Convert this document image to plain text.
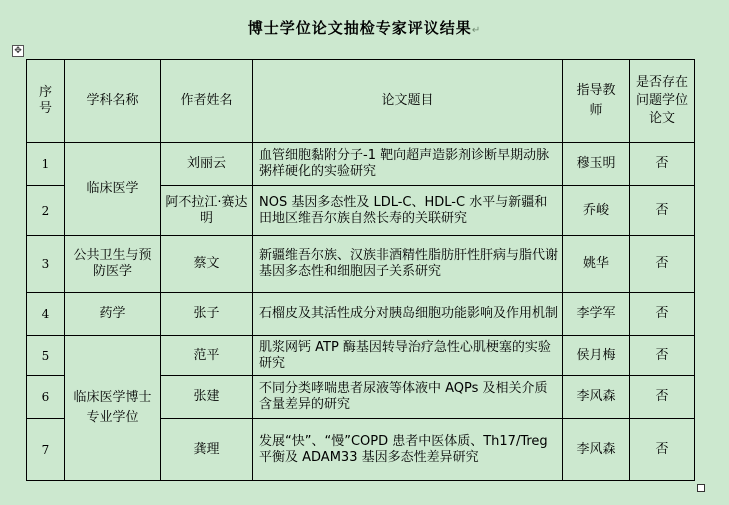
博士学位论文抽检专家评议结果↵
✥
序号	学科名称	作者姓名	论文题目	指导教师	是否存在问题学位论文

1	临床医学	刘丽云	血管细胞黏附分子-1 靶向超声造影剂诊断早期动脉粥样硬化的实验研究	穆玉明	否
2		阿不拉江·赛达明	NOS 基因多态性及 LDL-C、HDL-C 水平与新疆和田地区维吾尔族自然长寿的关联研究	乔峻	否
3	公共卫生与预防医学	蔡文	新疆维吾尔族、汉族非酒精性脂肪肝性肝病与脂代谢基因多态性和细胞因子关系研究	姚华	否
4	药学	张子	石榴皮及其活性成分对胰岛细胞功能影响及作用机制	李学军	否
5	临床医学博士专业学位	范平	肌浆网钙 ATP 酶基因转导治疗急性心肌梗塞的实验研究	侯月梅	否
6		张建	不同分类哮喘患者尿液等体液中 AQPs 及相关介质含量差异的研究	李风森	否
7		龚理	发展“快”、“慢”COPD 患者中医体质、Th17/Treg 平衡及 ADAM33 基因多态性差异研究	李风森	否
